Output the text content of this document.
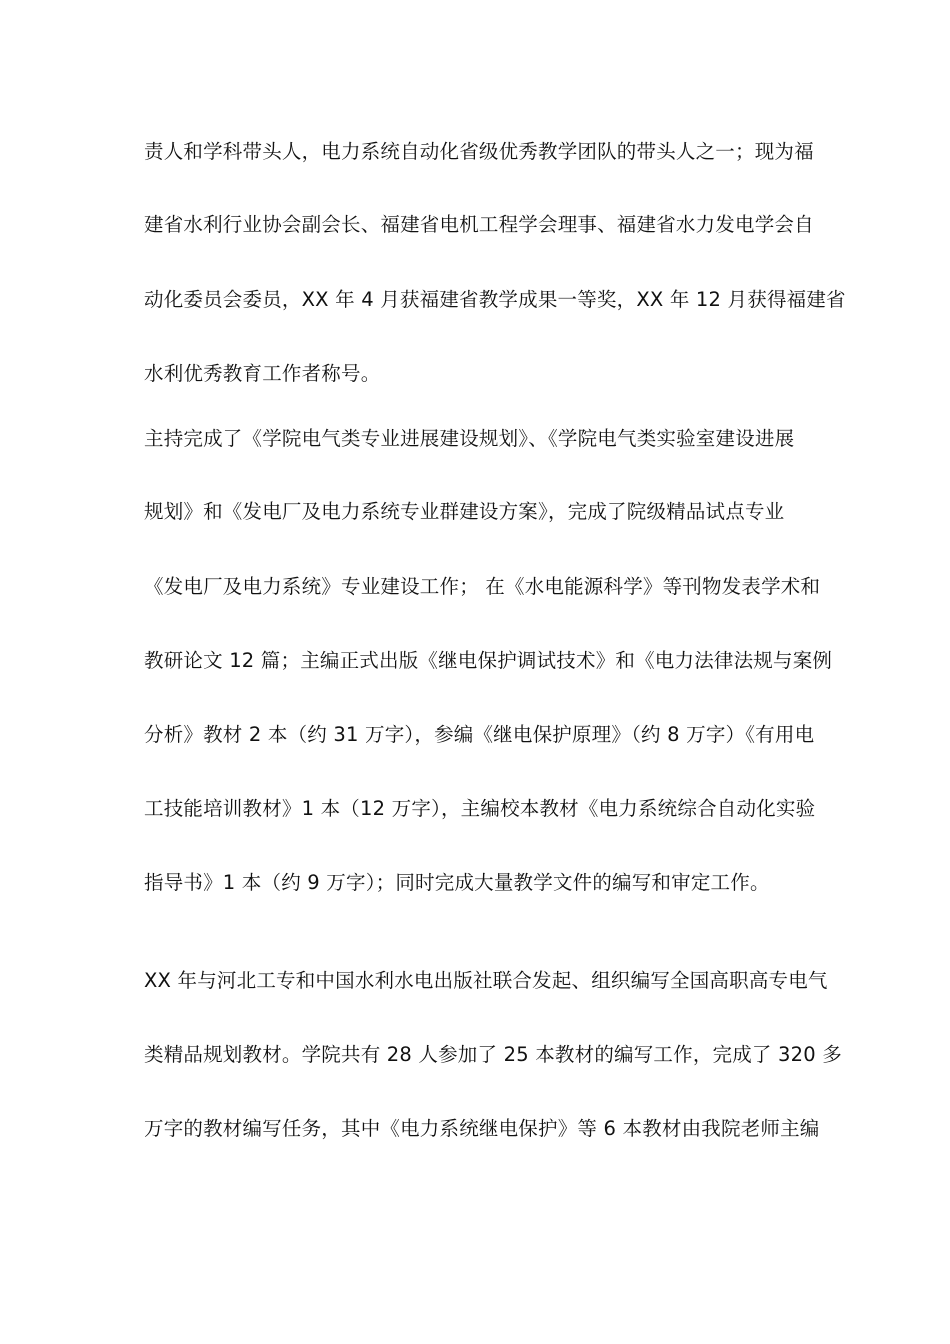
责人和学科带头人，电力系统自动化省级优秀教学团队的带头人之一；现为福
建省水利行业协会副会长、福建省电机工程学会理事、福建省水力发电学会自
动化委员会委员，XX 年 4 月获福建省教学成果一等奖，XX 年 12 月获得福建省
水利优秀教育工作者称号。
主持完成了《学院电气类专业进展建设规划》、《学院电气类实验室建设进展
规划》和《发电厂及电力系统专业群建设方案》，完成了院级精品试点专业
《发电厂及电力系统》专业建设工作； 在《水电能源科学》等刊物发表学术和
教研论文 12 篇；主编正式出版《继电保护调试技术》和《电力法律法规与案例
分析》教材 2 本（约 31 万字），参编《继电保护原理》（约 8 万字）《有用电
工技能培训教材》1 本（12 万字），主编校本教材《电力系统综合自动化实验
指导书》1 本（约 9 万字）；同时完成大量教学文件的编写和审定工作。
XX 年与河北工专和中国水利水电出版社联合发起、组织编写全国高职高专电气
类精品规划教材。学院共有 28 人参加了 25 本教材的编写工作，完成了 320 多
万字的教材编写任务，其中《电力系统继电保护》等 6 本教材由我院老师主编
